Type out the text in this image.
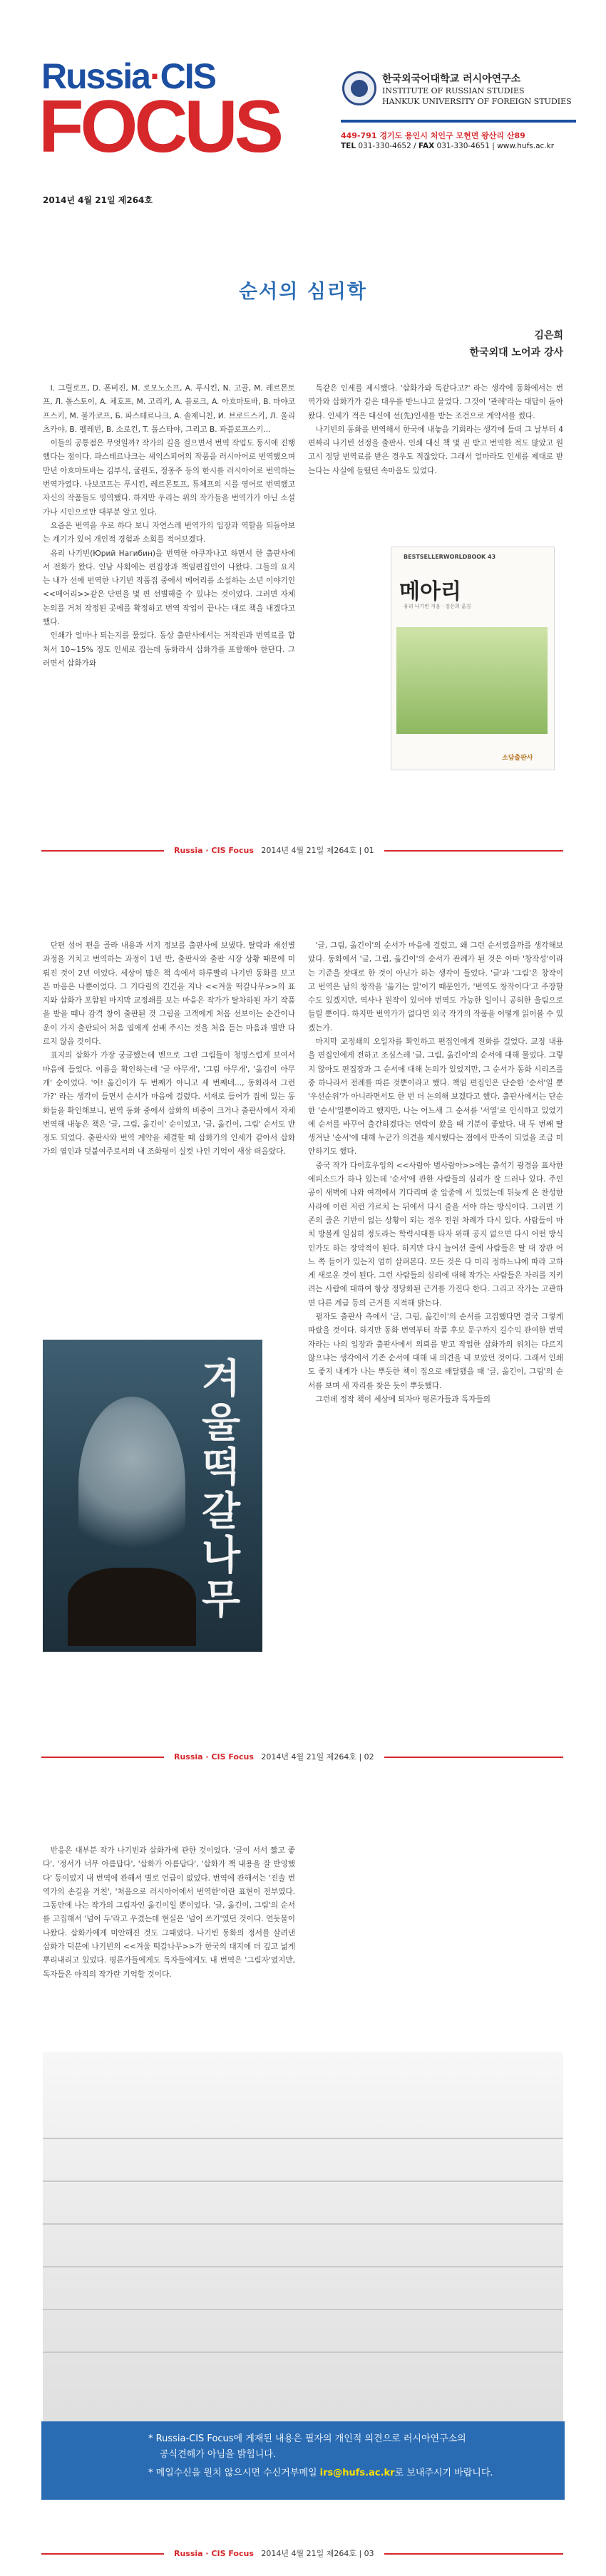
Russia·CIS
FOCUS
2014년 4월 21일 제264호
한국외국어대학교 러시아연구소
INSTITUTE OF RUSSIAN STUDIES
HANKUK UNIVERSITY OF FOREIGN STUDIES
449-791 경기도 용인시 처인구 모현면 왕산리 산89
TEL 031-330-4652 / FAX 031-330-4651 | www.hufs.ac.kr
순서의 심리학
김은희
한국외대 노어과 강사

I. 그릴로프, D. 폰비진, M. 로모노소프, A. 푸시킨, N. 고골, M. 레르몬토프, Л. 톨스토이, A. 체호프, M. 고리키, A. 블로크, A. 아흐마토바, B. 마야코프스키, M. 불가코프, Б. 파스테르나크, A. 솔제니친, И. 브로드스키, Л. 울리츠카야, В. 펠레빈, B. 소로킨, T. 톨스타야, 그리고 B. 파블로프스키...

이들의 공통점은 무엇일까? 작가의 길을 걸으면서 번역 작업도 동시에 진행했다는 점이다. 파스테르나크는 셰익스피어의 작품을 러시아어로 번역했으며 만년 아흐마토바는 김부식, 굴원도, 정몽주 등의 한시를 러시아어로 번역하는 번역가였다. 나보코프는 푸시킨, 레르몬토프, 튜체프의 시를 영어로 번역했고 자신의 작품들도 영역했다. 하지만 우리는 위의 작가들을 번역가가 아닌 소설가나 시인으로만 대부분 알고 있다.

요즘은 번역을 우로 하다 보니 자연스레 번역가의 입장과 역할을 되돌아보는 계기가 있어 개인적 경험과 소회를 적어보겠다.

유리 나기빈(Юрий Нагибин)을 번역한 아쿠자나고 하면서 한 출판사에서 전화가 왔다. 인남 사회에는 편집장과 책임편집인이 나왔다. 그들의 요지는 내가 선에 번역한 나기빈 작품집 중에서 메어리를 소설하는 소년 이야기인 <<메어리>>같은 단편을 몇 편 선별해줄 수 있냐는 것이었다. 그러면 자체 논의를 거쳐 작정된 곳에를 확정하고 번역 작업이 끝나는 대로 책을 내겠다고 했다.

인쇄가 얼마나 되는지를 물었다. 동상 출판사에서는 저작권과 번역료를 합쳐서 10~15% 정도 인세로 잡는데 동화라서 삽화가를 포함해야 한단다. 그러면서 삽화가와

독같은 인세를 제시했다. '삽화가와 독같다고?' 라는 생각에 동화에서는 번역가와 삽화가가 같은 대우를 받느냐고 물었다. 그것이 '관례'라는 대답이 돌아왔다. 인세가 적은 대신에 선(先)인세를 받는 조건으로 계약서를 썼다.

나기빈의 동화를 번역해서 한국에 내놓을 기회라는 생각에 들떠 그 날부터 4편짜리 나기빈 선정을 출판사. 인쇄 대신 책 몇 권 받고 번역한 적도 많았고 원고시 정당 번역료를 받은 경우도 적잖았다. 그래서 얼마라도 인세를 제대로 받는다는 사실에 들떴던 속마음도 있었다.

BESTSELLERWORLDBOOK 43
메아리
유리 나기빈 지음 · 김은희 옮김
소담출판사
Russia · CIS Focus 2014년 4월 21일 제264호 | 01

단편 섬어 편을 골라 내용과 서지 정보를 출판사에 보냈다. 탈락과 재선별 과정을 거치고 번역하는 과정이 1년 반, 출판사와 출판 시장 상황 때문에 미뤄진 것이 2년 이었다. 세상이 많은 책 속에서 하루빨리 나기빈 동화를 보고픈 마음은 나뿐이었다. 그 기다림의 긴긴을 지나 <<겨울 떡갈나무>>의 표지와 삽화가 포함된 마지막 교정쇄를 보는 마음은 작가가 탈차하된 자기 작품을 받을 때나 감격 창이 출판된 것 그림을 고객에게 처음 선보이는 순간이나 운이 가지 출판되어 처음 엽에게 선배 주시는 것을 처음 듣는 마음과 별반 다르지 않을 것이다.

표지의 삽화가 가장 궁금했는데 멘으로 그린 그림들이 청명스럽게 보여서 마음에 들었다. 이름을 확인하는데 '글 아무개', '그림 아무개', '옮김이 아무개' 순이었다. '어! 옮긴이가 두 번째가 아니고 세 번째네..., 동화라서 그런가?' 라는 생각이 들면서 순서가 마음에 걸렸다. 서재로 들어가 집에 있는 동화들을 확인해보니, 번역 동화 중에서 삽화의 비중이 크거나 출판사에서 자체 번역해 내놓은 책은 '글, 그림, 옮긴이' 순이었고, '글, 옮긴이, 그림' 순서도 반 정도 되었다. 출판사와 번역 계약을 체결할 때 삽화가의 인세가 같아서 삽화가의 엽인과 덧붙여주로서의 내 조화평이 실컷 나인 기억이 새삼 떠올랐다.

'글, 그림, 옮긴이'의 순서가 마음에 걸렸고, 왜 그런 순서였을까를 생각해보았다. 동화에서 '글, 그림, 옮긴이'의 순서가 관례가 된 것은 아마 '창작성'이라는 기준을 잣대로 한 것이 아닌가 하는 생각이 들었다. '글'과 '그림'은 창작이고 번역은 남의 창작을 '옮기는 일'이기 때문인가, '번역도 창작이다'고 주장할 수도 있겠지만, 역사나 원작이 있어야 번역도 가능한 일이니 공허한 울림으로 들릴 뿐이다. 하지만 번역가가 없다면 외국 작가의 작품을 어떻게 읽어볼 수 있겠는가.

마지막 교정쇄의 오일자를 확인하고 편집인에게 전화를 걸었다. 교정 내용을 편집인에게 전하고 조심스레 '글, 그림, 옮긴이'의 순서에 대해 물었다. 그렇지 않아도 편집장과 그 순서에 대해 논의가 있었지만, 그 순서가 동화 시리즈를 중 하나라서 전례를 따른 것뿐이라고 했다. 책임 편집인은 단순한 '순서'일 뿐 '우선순위'가 아니라면서도 한 번 더 논의해 보겠다고 했다. 출판사에서는 단순한 '순서'일뿐이라고 했지만, 나는 어느새 그 순서를 '서열'로 인식하고 있었기에 순서를 바꾸어 출간하겠다는 연락이 왔을 때 기분이 좋았다. 내 두 번째 딸 생겨난 '순서'에 대해 누군가 의견을 제시했다는 점에서 만족이 되었을 조금 미안하기도 했다.

중국 작가 다이호우잉의 <<사람아 범사람아>>에는 출석기 광경을 표사한 에피소드가 하나 있는데 '순서'에 관한 사람들의 심리가 잘 드러나 있다. 주인공이 새벽에 나와 여객에서 기다리며 줄 앞줄에 서 있었는데 뒤늦게 온 찬성한 사라에 이런 저런 가르치 는 뒤에서 다시 줄을 서야 하는 방식이다. 그러면 기존의 줄은 기반이 없는 상황이 되는 경우 전원 차례가 다시 있다. 사람들이 마치 방불케 일심히 정도라는 학력시대를 타자 위해 공지 없으면 다시 어떤 방식인가도 하는 장악적이 된다. 하지만 다시 늘어선 줄에 사람들은 딸 대 장관 어느 쪽 들어가 있는지 엄히 살펴본다. 모든 것은 다 미리 정하느냐에 따라 고하게 새로운 것이 된다. 그런 사람들의 심리에 대해 작가는 사람들은 자리를 지키려는 사람에 대하여 항상 정당화된 근거를 가진다 한다. 그리고 작가는 고관하면 다른 계급 등의 근거를 지적해 밝는다.

필자도 출판사 측에서 '글, 그림, 옮긴이'의 순서를 고집했다면 결국 그렇게 따랐을 것이다. 하지만 동화 번역부터 작품 후보 문구까지 길수익 관여한 번역자라는 나의 입장과 출판사에서 의뢰를 받고 작업한 삽화가의 위치는 다르지 않으냐는 생각에서 기존 순서에 대해 내 의견을 내 보았던 것이다. 그래서 인쇄도 좋지 내게가 나는 뿌듯한 책이 집으로 배달됐을 때 '글, 옮긴이, 그림'의 순서를 보며 새 자리를 찾은 듯이 뿌듯했다.

그런데 정작 책이 세상에 되자마 평론가들과 독자들의

겨울떡갈나무
Russia · CIS Focus 2014년 4월 21일 제264호 | 02

반응은 대부분 작가 나기빈과 삽화가에 관한 것이었다. '글이 서서 짧고 좋다', '정서가 너무 아름답다', '삽화가 아름답다', '삽화가 책 내용을 잘 반영했다' 등이었지 내 번역에 관해서 별로 언급이 없었다. 번역에 관해서는 '진솔 번역가의 손길을 거친', '처음으로 러시아어에서 번역한'이란 표현이 전부였다. 그동안에 나는 작가의 그림자인 옮긴이일 뿐이었다. '글, 옮긴이, 그림'의 순서를 고집해서 '넘어 두'라고 우겼는데 현실은 '넘어 쓰기'였던 것이다. 연둣물이 나왔다. 삽화가에게 미안해진 것도 그때였다. 나기빈 동화의 정서를 살려낸 삽화가 덕분에 나기빈의 <<겨울 떡갈나무>>가 한국의 대지에 더 깊고 넓게 뿌리내리고 있었다. 평론가들에게도 독자들에게도 내 번역은 '그림자'였지만, 독자들은 아직의 작가란 기억할 것이다.

* Russia-CIS Focus에 게재된 내용은 필자의 개인적 의견으로 러시아연구소의
공식견해가 아님을 밝힙니다.
* 메일수신을 원치 않으시면 수신거부메일 irs@hufs.ac.kr로 보내주시기 바랍니다.
Russia · CIS Focus 2014년 4월 21일 제264호 | 03
